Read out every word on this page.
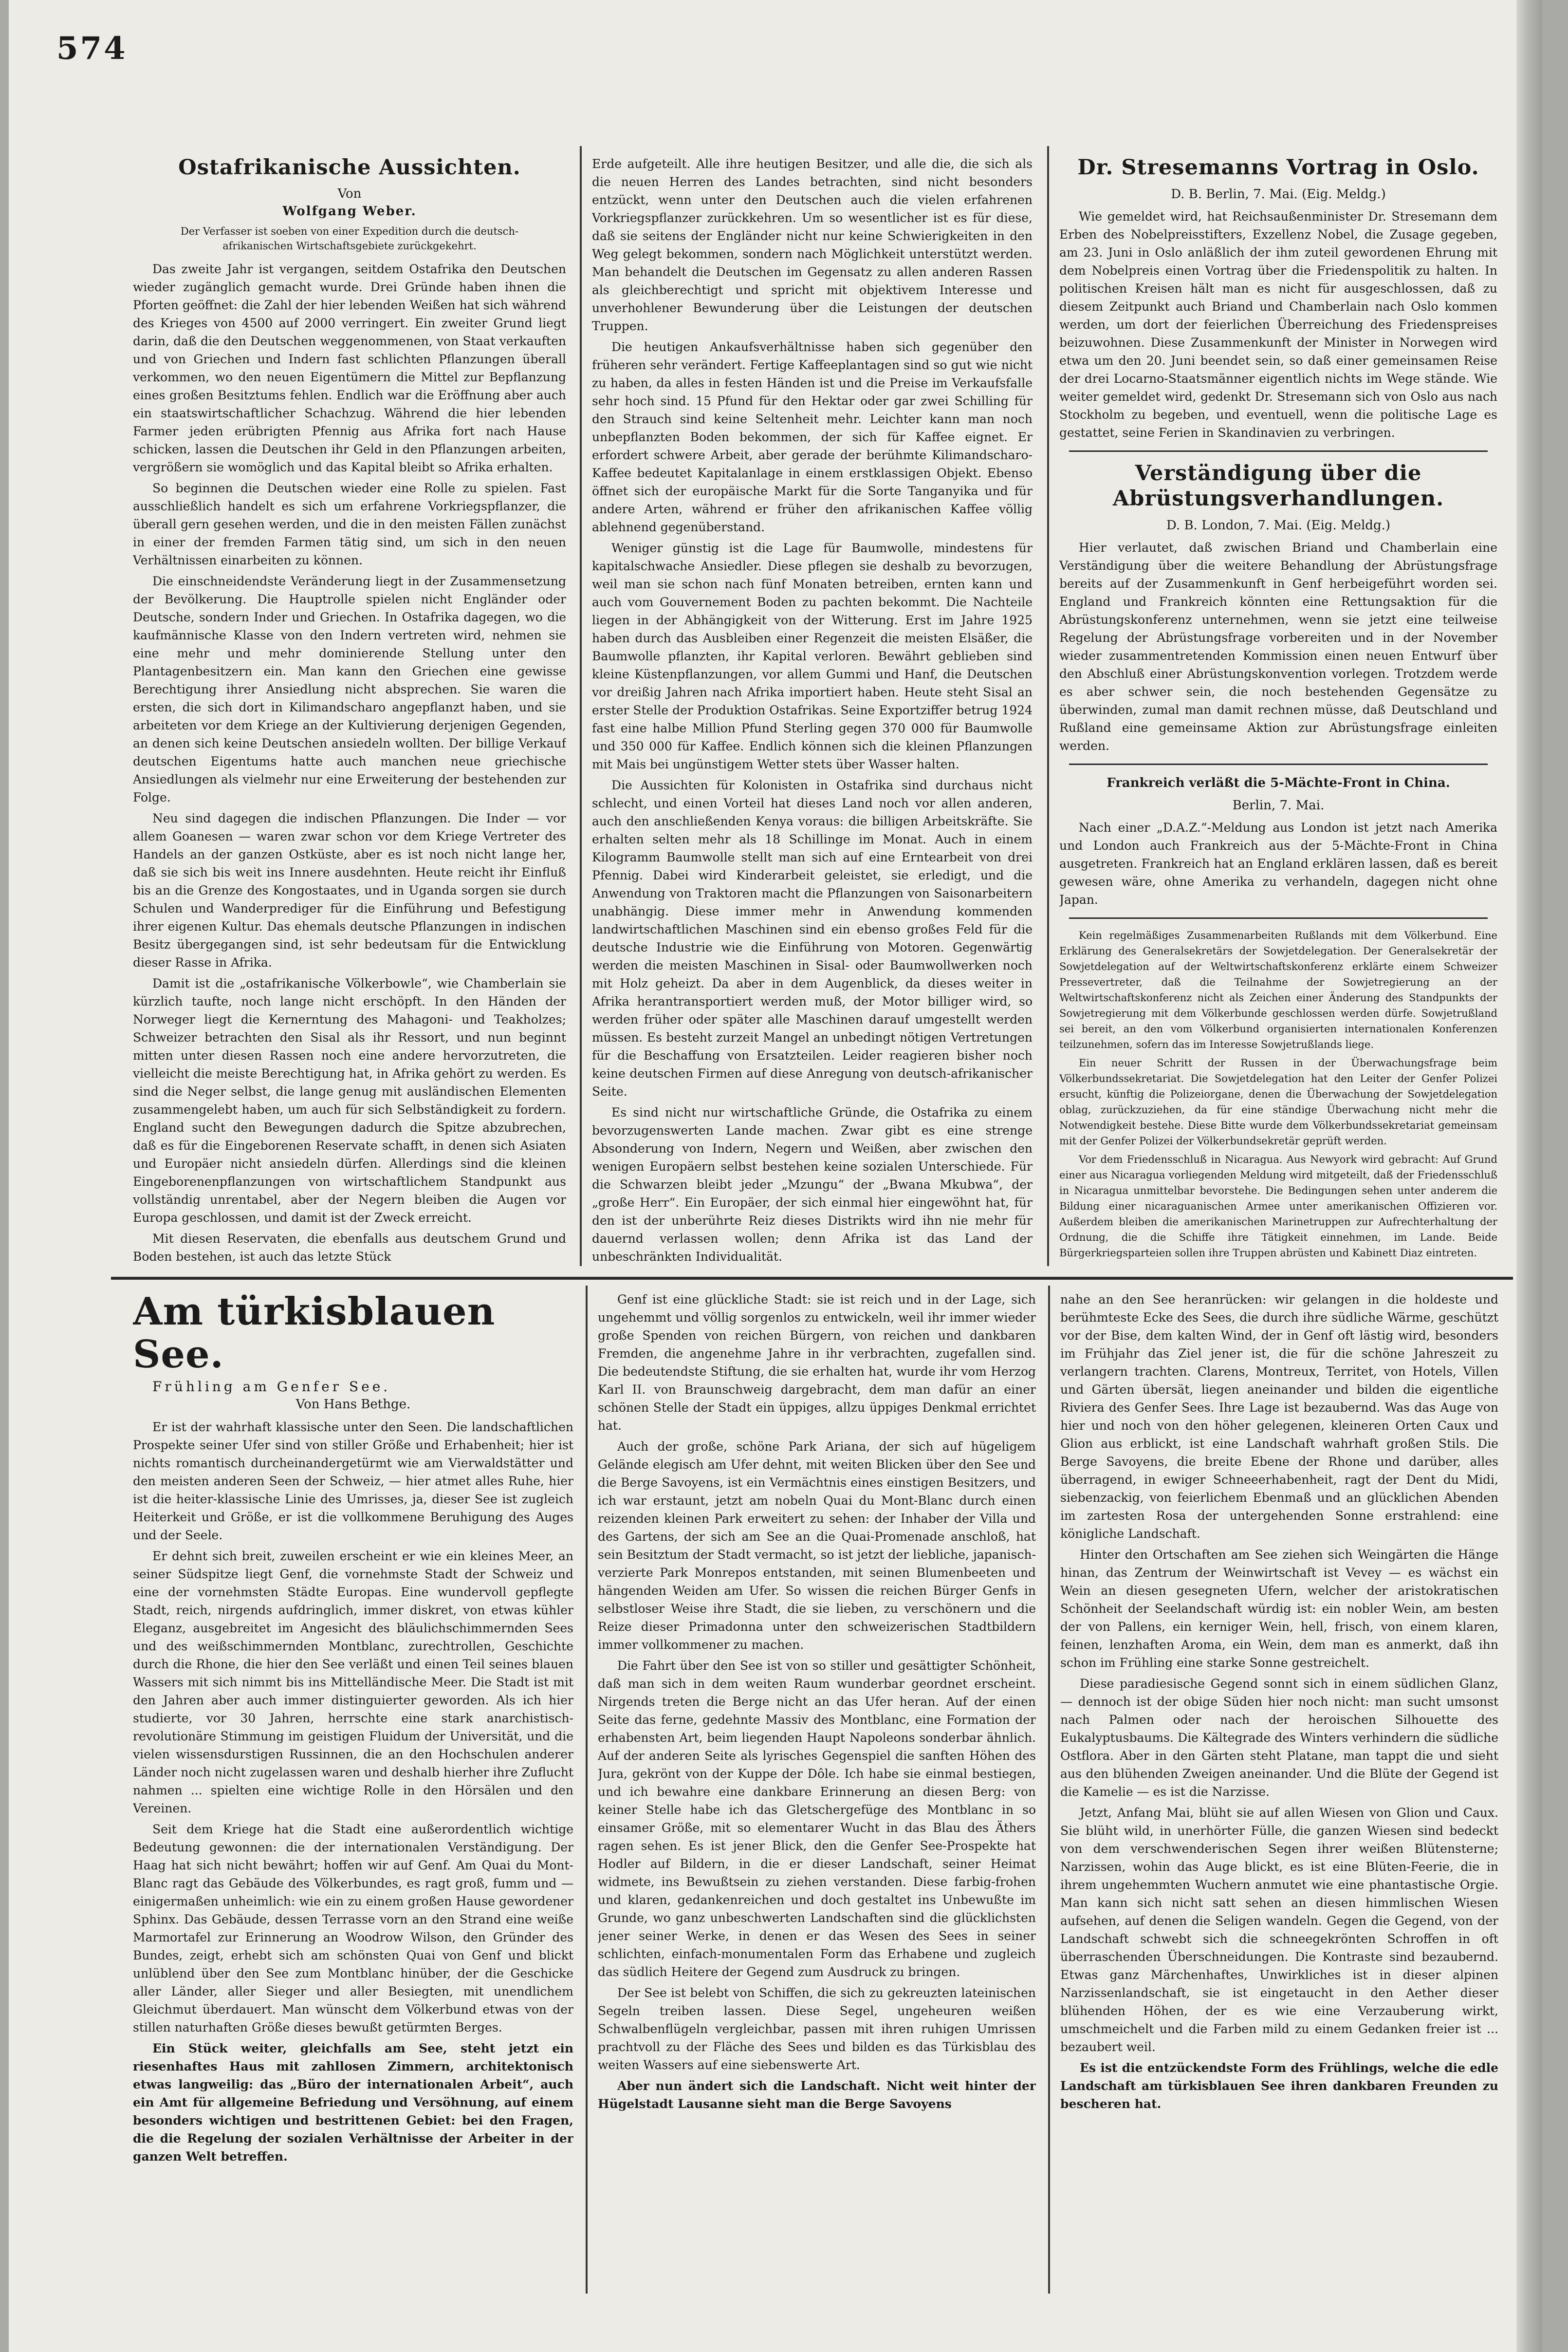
574
Ostafrikanische Aussichten.
Von
Wolfgang Weber.
Der Verfasser ist soeben von einer Expedition durch die deutsch-afrikanischen Wirtschaftsgebiete zurückgekehrt.

Das zweite Jahr ist vergangen, seitdem Ostafrika den Deutschen wieder zugänglich gemacht wurde. Drei Gründe haben ihnen die Pforten geöffnet: die Zahl der hier lebenden Weißen hat sich während des Krieges von 4500 auf 2000 verringert. Ein zweiter Grund liegt darin, daß die den Deutschen weggenommenen, von Staat verkauften und von Griechen und Indern fast schlichten Pflanzungen überall verkommen, wo den neuen Eigentümern die Mittel zur Bepflanzung eines großen Besitztums fehlen. Endlich war die Eröffnung aber auch ein staatswirtschaftlicher Schachzug. Während die hier lebenden Farmer jeden erübrigten Pfennig aus Afrika fort nach Hause schicken, lassen die Deutschen ihr Geld in den Pflanzungen arbeiten, vergrößern sie womöglich und das Kapital bleibt so Afrika erhalten.

So beginnen die Deutschen wieder eine Rolle zu spielen. Fast ausschließlich handelt es sich um erfahrene Vorkriegspflanzer, die überall gern gesehen werden, und die in den meisten Fällen zunächst in einer der fremden Farmen tätig sind, um sich in den neuen Verhältnissen einarbeiten zu können.

Die einschneidendste Veränderung liegt in der Zusammensetzung der Bevölkerung. Die Hauptrolle spielen nicht Engländer oder Deutsche, sondern Inder und Griechen. In Ostafrika dagegen, wo die kaufmännische Klasse von den Indern vertreten wird, nehmen sie eine mehr und mehr dominierende Stellung unter den Plantagenbesitzern ein. Man kann den Griechen eine gewisse Berechtigung ihrer Ansiedlung nicht absprechen. Sie waren die ersten, die sich dort in Kilimandscharo angepflanzt haben, und sie arbeiteten vor dem Kriege an der Kultivierung derjenigen Gegenden, an denen sich keine Deutschen ansiedeln wollten. Der billige Verkauf deutschen Eigentums hatte auch manchen neue griechische Ansiedlungen als vielmehr nur eine Erweiterung der bestehenden zur Folge.

Neu sind dagegen die indischen Pflanzungen. Die Inder — vor allem Goanesen — waren zwar schon vor dem Kriege Vertreter des Handels an der ganzen Ostküste, aber es ist noch nicht lange her, daß sie sich bis weit ins Innere ausdehnten. Heute reicht ihr Einfluß bis an die Grenze des Kongostaates, und in Uganda sorgen sie durch Schulen und Wanderprediger für die Einführung und Befestigung ihrer eigenen Kultur. Das ehemals deutsche Pflanzungen in indischen Besitz übergegangen sind, ist sehr bedeutsam für die Entwicklung dieser Rasse in Afrika.

Damit ist die „ostafrikanische Völkerbowle“, wie Chamberlain sie kürzlich taufte, noch lange nicht erschöpft. In den Händen der Norweger liegt die Kernerntung des Mahagoni- und Teakholzes; Schweizer betrachten den Sisal als ihr Ressort, und nun beginnt mitten unter diesen Rassen noch eine andere hervorzutreten, die vielleicht die meiste Berechtigung hat, in Afrika gehört zu werden. Es sind die Neger selbst, die lange genug mit ausländischen Elementen zusammengelebt haben, um auch für sich Selbständigkeit zu fordern. England sucht den Bewegungen dadurch die Spitze abzubrechen, daß es für die Eingeborenen Reservate schafft, in denen sich Asiaten und Europäer nicht ansiedeln dürfen. Allerdings sind die kleinen Eingeborenenpflanzungen von wirtschaftlichem Standpunkt aus vollständig unrentabel, aber der Negern bleiben die Augen vor Europa geschlossen, und damit ist der Zweck erreicht.

Mit diesen Reservaten, die ebenfalls aus deutschem Grund und Boden bestehen, ist auch das letzte Stück

Erde aufgeteilt. Alle ihre heutigen Besitzer, und alle die, die sich als die neuen Herren des Landes betrachten, sind nicht besonders entzückt, wenn unter den Deutschen auch die vielen erfahrenen Vorkriegspflanzer zurückkehren. Um so wesentlicher ist es für diese, daß sie seitens der Engländer nicht nur keine Schwierigkeiten in den Weg gelegt bekommen, sondern nach Möglichkeit unterstützt werden. Man behandelt die Deutschen im Gegensatz zu allen anderen Rassen als gleichberechtigt und spricht mit objektivem Interesse und unverhohlener Bewunderung über die Leistungen der deutschen Truppen.

Die heutigen Ankaufsverhältnisse haben sich gegenüber den früheren sehr verändert. Fertige Kaffeeplantagen sind so gut wie nicht zu haben, da alles in festen Händen ist und die Preise im Verkaufsfalle sehr hoch sind. 15 Pfund für den Hektar oder gar zwei Schilling für den Strauch sind keine Seltenheit mehr. Leichter kann man noch unbepflanzten Boden bekommen, der sich für Kaffee eignet. Er erfordert schwere Arbeit, aber gerade der berühmte Kilimandscharo-Kaffee bedeutet Kapitalanlage in einem erstklassigen Objekt. Ebenso öffnet sich der europäische Markt für die Sorte Tanganyika und für andere Arten, während er früher den afrikanischen Kaffee völlig ablehnend gegenüberstand.

Weniger günstig ist die Lage für Baumwolle, mindestens für kapitalschwache Ansiedler. Diese pflegen sie deshalb zu bevorzugen, weil man sie schon nach fünf Monaten betreiben, ernten kann und auch vom Gouvernement Boden zu pachten bekommt. Die Nachteile liegen in der Abhängigkeit von der Witterung. Erst im Jahre 1925 haben durch das Ausbleiben einer Regenzeit die meisten Elsäßer, die Baumwolle pflanzten, ihr Kapital verloren. Bewährt geblieben sind kleine Küstenpflanzungen, vor allem Gummi und Hanf, die Deutschen vor dreißig Jahren nach Afrika importiert haben. Heute steht Sisal an erster Stelle der Produktion Ostafrikas. Seine Exportziffer betrug 1924 fast eine halbe Million Pfund Sterling gegen 370 000 für Baumwolle und 350 000 für Kaffee. Endlich können sich die kleinen Pflanzungen mit Mais bei ungünstigem Wetter stets über Wasser halten.

Die Aussichten für Kolonisten in Ostafrika sind durchaus nicht schlecht, und einen Vorteil hat dieses Land noch vor allen anderen, auch den anschließenden Kenya voraus: die billigen Arbeitskräfte. Sie erhalten selten mehr als 18 Schillinge im Monat. Auch in einem Kilogramm Baumwolle stellt man sich auf eine Erntearbeit von drei Pfennig. Dabei wird Kinderarbeit geleistet, sie erledigt, und die Anwendung von Traktoren macht die Pflanzungen von Saisonarbeitern unabhängig. Diese immer mehr in Anwendung kommenden landwirtschaftlichen Maschinen sind ein ebenso großes Feld für die deutsche Industrie wie die Einführung von Motoren. Gegenwärtig werden die meisten Maschinen in Sisal- oder Baumwollwerken noch mit Holz geheizt. Da aber in dem Augenblick, da dieses weiter in Afrika herantransportiert werden muß, der Motor billiger wird, so werden früher oder später alle Maschinen darauf umgestellt werden müssen. Es besteht zurzeit Mangel an unbedingt nötigen Vertretungen für die Beschaffung von Ersatzteilen. Leider reagieren bisher noch keine deutschen Firmen auf diese Anregung von deutsch-afrikanischer Seite.

Es sind nicht nur wirtschaftliche Gründe, die Ostafrika zu einem bevorzugenswerten Lande machen. Zwar gibt es eine strenge Absonderung von Indern, Negern und Weißen, aber zwischen den wenigen Europäern selbst bestehen keine sozialen Unterschiede. Für die Schwarzen bleibt jeder „Mzungu“ der „Bwana Mkubwa“, der „große Herr“. Ein Europäer, der sich einmal hier eingewöhnt hat, für den ist der unberührte Reiz dieses Distrikts wird ihn nie mehr für dauernd verlassen wollen; denn Afrika ist das Land der unbeschränkten Individualität.

Dr. Stresemanns Vortrag in Oslo.
D. B. Berlin, 7. Mai. (Eig. Meldg.)

Wie gemeldet wird, hat Reichsaußenminister Dr. Stresemann dem Erben des Nobelpreisstifters, Exzellenz Nobel, die Zusage gegeben, am 23. Juni in Oslo anläßlich der ihm zuteil gewordenen Ehrung mit dem Nobelpreis einen Vortrag über die Friedenspolitik zu halten. In politischen Kreisen hält man es nicht für ausgeschlossen, daß zu diesem Zeitpunkt auch Briand und Chamberlain nach Oslo kommen werden, um dort der feierlichen Überreichung des Friedenspreises beizuwohnen. Diese Zusammenkunft der Minister in Norwegen wird etwa um den 20. Juni beendet sein, so daß einer gemeinsamen Reise der drei Locarno-Staatsmänner eigentlich nichts im Wege stände. Wie weiter gemeldet wird, gedenkt Dr. Stresemann sich von Oslo aus nach Stockholm zu begeben, und eventuell, wenn die politische Lage es gestattet, seine Ferien in Skandinavien zu verbringen.

Verständigung über die Abrüstungsverhandlungen.
D. B. London, 7. Mai. (Eig. Meldg.)

Hier verlautet, daß zwischen Briand und Chamberlain eine Verständigung über die weitere Behandlung der Abrüstungsfrage bereits auf der Zusammenkunft in Genf herbeigeführt worden sei. England und Frankreich könnten eine Rettungsaktion für die Abrüstungskonferenz unternehmen, wenn sie jetzt eine teilweise Regelung der Abrüstungsfrage vorbereiten und in der November wieder zusammentretenden Kommission einen neuen Entwurf über den Abschluß einer Abrüstungskonvention vorlegen. Trotzdem werde es aber schwer sein, die noch bestehenden Gegensätze zu überwinden, zumal man damit rechnen müsse, daß Deutschland und Rußland eine gemeinsame Aktion zur Abrüstungsfrage einleiten werden.

Frankreich verläßt die 5-Mächte-Front in China.
Berlin, 7. Mai.

Nach einer „D.A.Z.“-Meldung aus London ist jetzt nach Amerika und London auch Frankreich aus der 5-Mächte-Front in China ausgetreten. Frankreich hat an England erklären lassen, daß es bereit gewesen wäre, ohne Amerika zu verhandeln, dagegen nicht ohne Japan.

Kein regelmäßiges Zusammenarbeiten Rußlands mit dem Völkerbund. Eine Erklärung des Generalsekretärs der Sowjetdelegation. Der Generalsekretär der Sowjetdelegation auf der Weltwirtschaftskonferenz erklärte einem Schweizer Pressevertreter, daß die Teilnahme der Sowjetregierung an der Weltwirtschaftskonferenz nicht als Zeichen einer Änderung des Standpunkts der Sowjetregierung mit dem Völkerbunde geschlossen werden dürfe. Sowjetrußland sei bereit, an den vom Völkerbund organisierten internationalen Konferenzen teilzunehmen, sofern das im Interesse Sowjetrußlands liege.

Ein neuer Schritt der Russen in der Überwachungsfrage beim Völkerbundssekretariat. Die Sowjetdelegation hat den Leiter der Genfer Polizei ersucht, künftig die Polizeiorgane, denen die Überwachung der Sowjetdelegation oblag, zurückzuziehen, da für eine ständige Überwachung nicht mehr die Notwendigkeit bestehe. Diese Bitte wurde dem Völkerbundssekretariat gemeinsam mit der Genfer Polizei der Völkerbundsekretär geprüft werden.

Vor dem Friedensschluß in Nicaragua. Aus Newyork wird gebracht: Auf Grund einer aus Nicaragua vorliegenden Meldung wird mitgeteilt, daß der Friedensschluß in Nicaragua unmittelbar bevorstehe. Die Bedingungen sehen unter anderem die Bildung einer nicaraguanischen Armee unter amerikanischen Offizieren vor. Außerdem bleiben die amerikanischen Marinetruppen zur Aufrechterhaltung der Ordnung, die die Schiffe ihre Tätigkeit einnehmen, im Lande. Beide Bürgerkriegsparteien sollen ihre Truppen abrüsten und Kabinett Diaz eintreten.

Am türkisblauen See.
Frühling am Genfer See.
Von Hans Bethge.

Er ist der wahrhaft klassische unter den Seen. Die landschaftlichen Prospekte seiner Ufer sind von stiller Größe und Erhabenheit; hier ist nichts romantisch durcheinandergetürmt wie am Vierwaldstätter und den meisten anderen Seen der Schweiz, — hier atmet alles Ruhe, hier ist die heiter-klassische Linie des Umrisses, ja, dieser See ist zugleich Heiterkeit und Größe, er ist die vollkommene Beruhigung des Auges und der Seele.

Er dehnt sich breit, zuweilen erscheint er wie ein kleines Meer, an seiner Südspitze liegt Genf, die vornehmste Stadt der Schweiz und eine der vornehmsten Städte Europas. Eine wundervoll gepflegte Stadt, reich, nirgends aufdringlich, immer diskret, von etwas kühler Eleganz, ausgebreitet im Angesicht des bläulichschimmernden Sees und des weißschimmernden Montblanc, zurechtrollen, Geschichte durch die Rhone, die hier den See verläßt und einen Teil seines blauen Wassers mit sich nimmt bis ins Mittelländische Meer. Die Stadt ist mit den Jahren aber auch immer distinguierter geworden. Als ich hier studierte, vor 30 Jahren, herrschte eine stark anarchistisch-revolutionäre Stimmung im geistigen Fluidum der Universität, und die vielen wissensdurstigen Russinnen, die an den Hochschulen anderer Länder noch nicht zugelassen waren und deshalb hierher ihre Zuflucht nahmen ... spielten eine wichtige Rolle in den Hörsälen und den Vereinen.

Seit dem Kriege hat die Stadt eine außerordentlich wichtige Bedeutung gewonnen: die der internationalen Verständigung. Der Haag hat sich nicht bewährt; hoffen wir auf Genf. Am Quai du Mont-Blanc ragt das Gebäude des Völkerbundes, es ragt groß, fumm und — einigermaßen unheimlich: wie ein zu einem großen Hause gewordener Sphinx. Das Gebäude, dessen Terrasse vorn an den Strand eine weiße Marmortafel zur Erinnerung an Woodrow Wilson, den Gründer des Bundes, zeigt, erhebt sich am schönsten Quai von Genf und blickt unlüblend über den See zum Montblanc hinüber, der die Geschicke aller Länder, aller Sieger und aller Besiegten, mit unendlichem Gleichmut überdauert. Man wünscht dem Völkerbund etwas von der stillen naturhaften Größe dieses bewußt getürmten Berges.

Ein Stück weiter, gleichfalls am See, steht jetzt ein riesenhaftes Haus mit zahllosen Zimmern, architektonisch etwas langweilig: das „Büro der internationalen Arbeit“, auch ein Amt für allgemeine Befriedung und Versöhnung, auf einem besonders wichtigen und bestrittenen Gebiet: bei den Fragen, die die Regelung der sozialen Verhältnisse der Arbeiter in der ganzen Welt betreffen.

Genf ist eine glückliche Stadt: sie ist reich und in der Lage, sich ungehemmt und völlig sorgenlos zu entwickeln, weil ihr immer wieder große Spenden von reichen Bürgern, von reichen und dankbaren Fremden, die angenehme Jahre in ihr verbrachten, zugefallen sind. Die bedeutendste Stiftung, die sie erhalten hat, wurde ihr vom Herzog Karl II. von Braunschweig dargebracht, dem man dafür an einer schönen Stelle der Stadt ein üppiges, allzu üppiges Denkmal errichtet hat.

Auch der große, schöne Park Ariana, der sich auf hügeligem Gelände elegisch am Ufer dehnt, mit weiten Blicken über den See und die Berge Savoyens, ist ein Vermächtnis eines einstigen Besitzers, und ich war erstaunt, jetzt am nobeln Quai du Mont-Blanc durch einen reizenden kleinen Park erweitert zu sehen: der Inhaber der Villa und des Gartens, der sich am See an die Quai-Promenade anschloß, hat sein Besitztum der Stadt vermacht, so ist jetzt der liebliche, japanisch-verzierte Park Monrepos entstanden, mit seinen Blumenbeeten und hängenden Weiden am Ufer. So wissen die reichen Bürger Genfs in selbstloser Weise ihre Stadt, die sie lieben, zu verschönern und die Reize dieser Primadonna unter den schweizerischen Stadtbildern immer vollkommener zu machen.

Die Fahrt über den See ist von so stiller und gesättigter Schönheit, daß man sich in dem weiten Raum wunderbar geordnet erscheint. Nirgends treten die Berge nicht an das Ufer heran. Auf der einen Seite das ferne, gedehnte Massiv des Montblanc, eine Formation der erhabensten Art, beim liegenden Haupt Napoleons sonderbar ähnlich. Auf der anderen Seite als lyrisches Gegenspiel die sanften Höhen des Jura, gekrönt von der Kuppe der Dôle. Ich habe sie einmal bestiegen, und ich bewahre eine dankbare Erinnerung an diesen Berg: von keiner Stelle habe ich das Gletschergefüge des Montblanc in so einsamer Größe, mit so elementarer Wucht in das Blau des Äthers ragen sehen. Es ist jener Blick, den die Genfer See-Prospekte hat Hodler auf Bildern, in die er dieser Landschaft, seiner Heimat widmete, ins Bewußtsein zu ziehen verstanden. Diese farbig-frohen und klaren, gedankenreichen und doch gestaltet ins Unbewußte im Grunde, wo ganz unbeschwerten Landschaften sind die glücklichsten jener seiner Werke, in denen er das Wesen des Sees in seiner schlichten, einfach-monumentalen Form das Erhabene und zugleich das südlich Heitere der Gegend zum Ausdruck zu bringen.

Der See ist belebt von Schiffen, die sich zu gekreuzten lateinischen Segeln treiben lassen. Diese Segel, ungeheuren weißen Schwalbenflügeln vergleichbar, passen mit ihren ruhigen Umrissen prachtvoll zu der Fläche des Sees und bilden es das Türkisblau des weiten Wassers auf eine siebenswerte Art.

Aber nun ändert sich die Landschaft. Nicht weit hinter der Hügelstadt Lausanne sieht man die Berge Savoyens

nahe an den See heranrücken: wir gelangen in die holdeste und berühmteste Ecke des Sees, die durch ihre südliche Wärme, geschützt vor der Bise, dem kalten Wind, der in Genf oft lästig wird, besonders im Frühjahr das Ziel jener ist, die für die schöne Jahreszeit zu verlangern trachten. Clarens, Montreux, Territet, von Hotels, Villen und Gärten übersät, liegen aneinander und bilden die eigentliche Riviera des Genfer Sees. Ihre Lage ist bezaubernd. Was das Auge von hier und noch von den höher gelegenen, kleineren Orten Caux und Glion aus erblickt, ist eine Landschaft wahrhaft großen Stils. Die Berge Savoyens, die breite Ebene der Rhone und darüber, alles überragend, in ewiger Schneeerhabenheit, ragt der Dent du Midi, siebenzackig, von feierlichem Ebenmaß und an glücklichen Abenden im zartesten Rosa der untergehenden Sonne erstrahlend: eine königliche Landschaft.

Hinter den Ortschaften am See ziehen sich Weingärten die Hänge hinan, das Zentrum der Weinwirtschaft ist Vevey — es wächst ein Wein an diesen gesegneten Ufern, welcher der aristokratischen Schönheit der Seelandschaft würdig ist: ein nobler Wein, am besten der von Pallens, ein kerniger Wein, hell, frisch, von einem klaren, feinen, lenzhaften Aroma, ein Wein, dem man es anmerkt, daß ihn schon im Frühling eine starke Sonne gestreichelt.

Diese paradiesische Gegend sonnt sich in einem südlichen Glanz, — dennoch ist der obige Süden hier noch nicht: man sucht umsonst nach Palmen oder nach der heroischen Silhouette des Eukalyptusbaums. Die Kältegrade des Winters verhindern die südliche Ostflora. Aber in den Gärten steht Platane, man tappt die und sieht aus den blühenden Zweigen aneinander. Und die Blüte der Gegend ist die Kamelie — es ist die Narzisse.

Jetzt, Anfang Mai, blüht sie auf allen Wiesen von Glion und Caux. Sie blüht wild, in unerhörter Fülle, die ganzen Wiesen sind bedeckt von dem verschwenderischen Segen ihrer weißen Blütensterne; Narzissen, wohin das Auge blickt, es ist eine Blüten-Feerie, die in ihrem ungehemmten Wuchern anmutet wie eine phantastische Orgie. Man kann sich nicht satt sehen an diesen himmlischen Wiesen aufsehen, auf denen die Seligen wandeln. Gegen die Gegend, von der Landschaft schwebt sich die schneegekrönten Schroffen in oft überraschenden Überschneidungen. Die Kontraste sind bezaubernd. Etwas ganz Märchenhaftes, Unwirkliches ist in dieser alpinen Narzissenlandschaft, sie ist eingetaucht in den Aether dieser blühenden Höhen, der es wie eine Verzauberung wirkt, umschmeichelt und die Farben mild zu einem Gedanken freier ist ... bezaubert weil.

Es ist die entzückendste Form des Frühlings, welche die edle Landschaft am türkisblauen See ihren dankbaren Freunden zu bescheren hat.
